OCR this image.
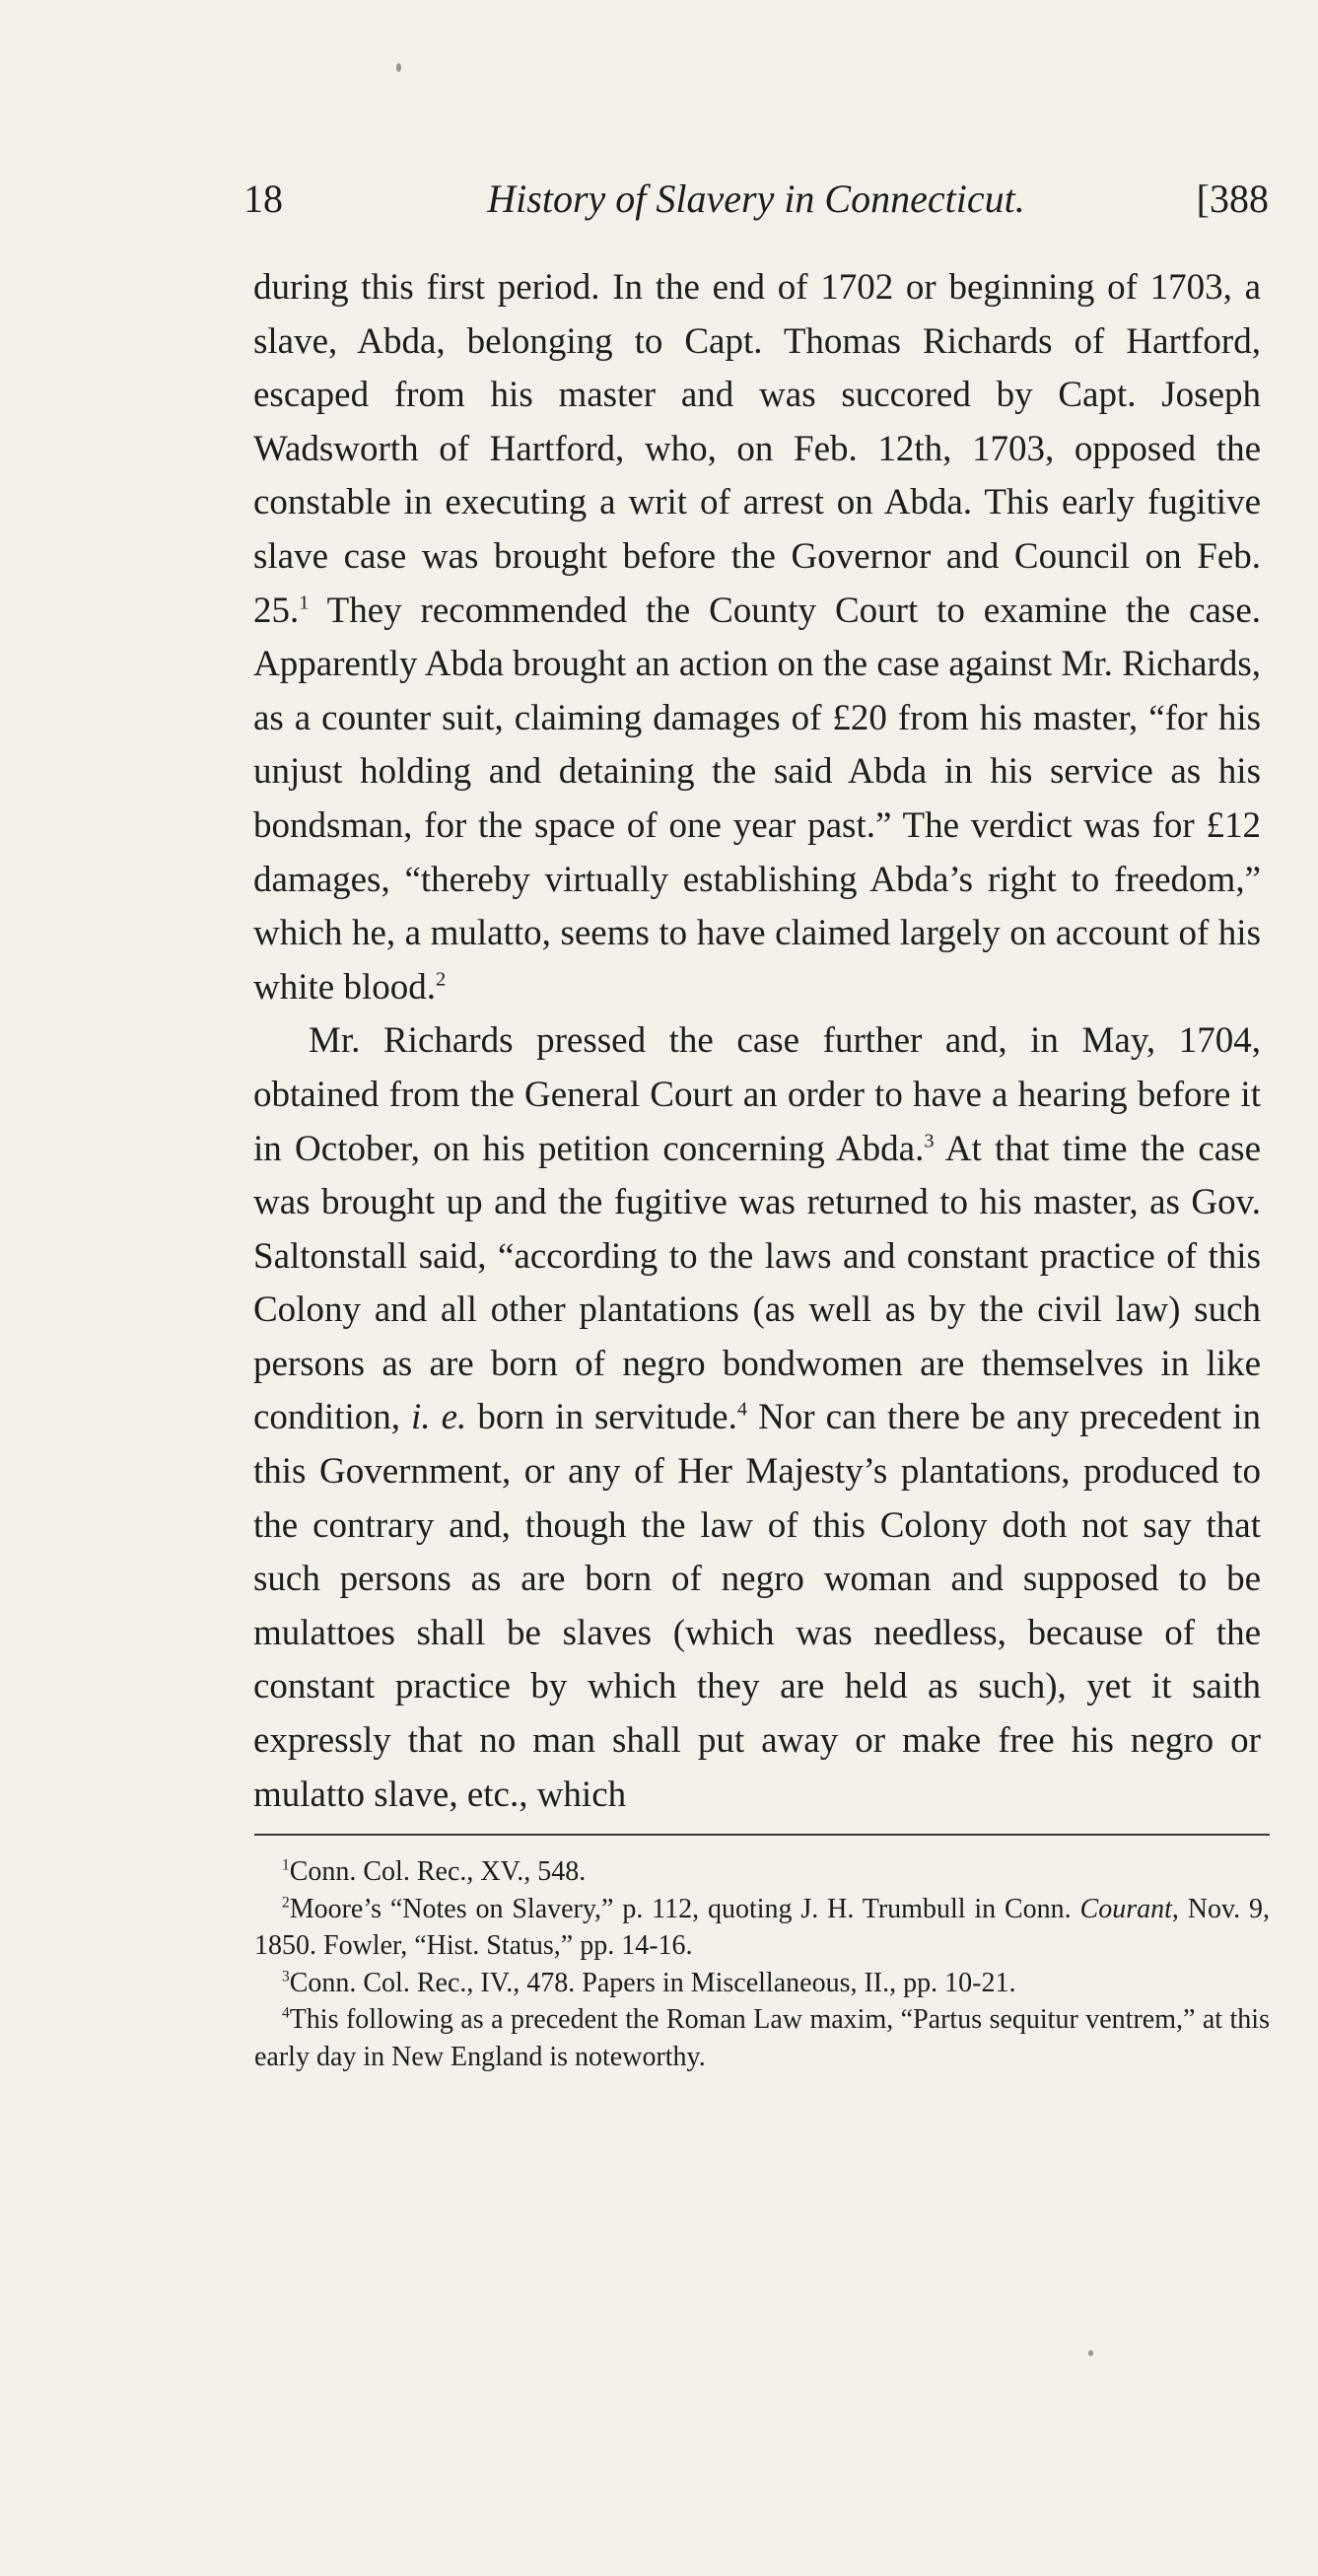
18	History of Slavery in Connecticut.	[388

during this first period. In the end of 1702 or beginning of 1703, a slave, Abda, belonging to Capt. Thomas Richards of Hartford, escaped from his master and was succored by Capt. Joseph Wadsworth of Hartford, who, on Feb. 12th, 1703, opposed the constable in executing a writ of arrest on Abda. This early fugitive slave case was brought before the Governor and Council on Feb. 25.$^1$ They recommended the County Court to examine the case. Apparently Abda brought an action on the case against Mr. Richards, as a counter suit, claiming damages of £20 from his master, “for his unjust holding and detaining the said Abda in his service as his bondsman, for the space of one year past.” The verdict was for £12 damages, “thereby virtually establishing Abda’s right to freedom,” which he, a mulatto, seems to have claimed largely on account of his white blood.$^2$

Mr. Richards pressed the case further and, in May, 1704, obtained from the General Court an order to have a hearing before it in October, on his petition concerning Abda.$^3$ At that time the case was brought up and the fugitive was returned to his master, as Gov. Saltonstall said, “according to the laws and constant practice of this Colony and all other plantations (as well as by the civil law) such persons as are born of negro bondwomen are themselves in like condition, i. e. born in servitude.$^4$ Nor can there be any precedent in this Government, or any of Her Majesty’s plantations, produced to the contrary and, though the law of this Colony doth not say that such persons as are born of negro woman and supposed to be mulattoes shall be slaves (which was needless, because of the constant practice by which they are held as such), yet it saith expressly that no man shall put away or make free his negro or mulatto slave, etc., which

$^1$Conn. Col. Rec., XV., 548.

$^2$Moore’s “Notes on Slavery,” p. 112, quoting J. H. Trumbull in Conn. Courant, Nov. 9, 1850. Fowler, “Hist. Status,” pp. 14-16.

$^3$Conn. Col. Rec., IV., 478. Papers in Miscellaneous, II., pp. 10-21.

$^4$This following as a precedent the Roman Law maxim, “Partus sequitur ventrem,” at this early day in New England is noteworthy.
